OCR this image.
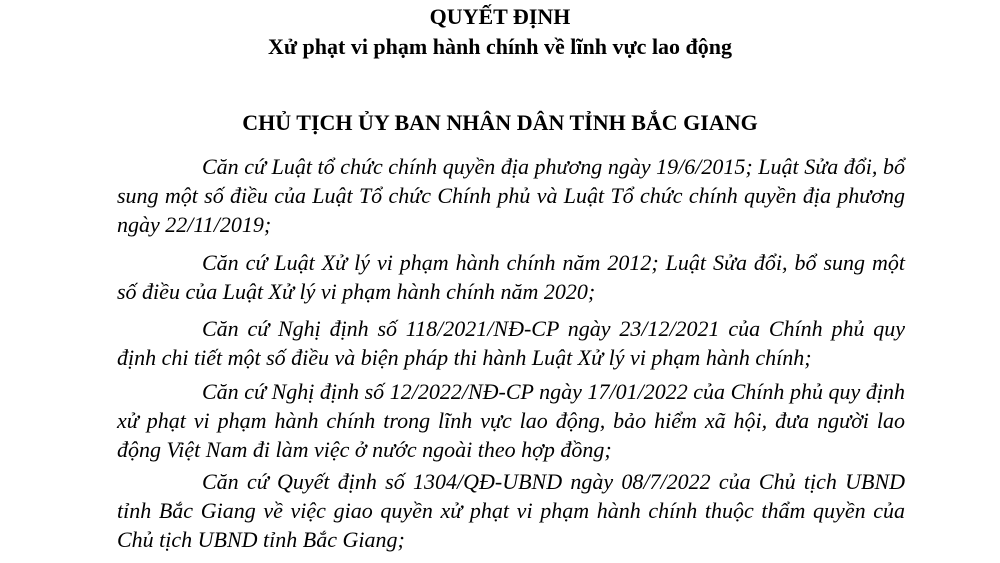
QUYẾT ĐỊNH
Xử phạt vi phạm hành chính về lĩnh vực lao động
CHỦ TỊCH ỦY BAN NHÂN DÂN TỈNH BẮC GIANG

Căn cứ Luật tổ chức chính quyền địa phương ngày 19/6/2015; Luật Sửa đổi, bổ sung một số điều của Luật Tổ chức Chính phủ và Luật Tổ chức chính quyền địa phương ngày 22/11/2019;

Căn cứ Luật Xử lý vi phạm hành chính năm 2012; Luật Sửa đổi, bổ sung một số điều của Luật Xử lý vi phạm hành chính năm 2020;

Căn cứ Nghị định số 118/2021/NĐ-CP ngày 23/12/2021 của Chính phủ quy định chi tiết một số điều và biện pháp thi hành Luật Xử lý vi phạm hành chính;

Căn cứ Nghị định số 12/2022/NĐ-CP ngày 17/01/2022 của Chính phủ quy định xử phạt vi phạm hành chính trong lĩnh vực lao động, bảo hiểm xã hội, đưa người lao động Việt Nam đi làm việc ở nước ngoài theo hợp đồng;

Căn cứ Quyết định số 1304/QĐ-UBND ngày 08/7/2022 của Chủ tịch UBND tỉnh Bắc Giang về việc giao quyền xử phạt vi phạm hành chính thuộc thẩm quyền của Chủ tịch UBND tỉnh Bắc Giang;
